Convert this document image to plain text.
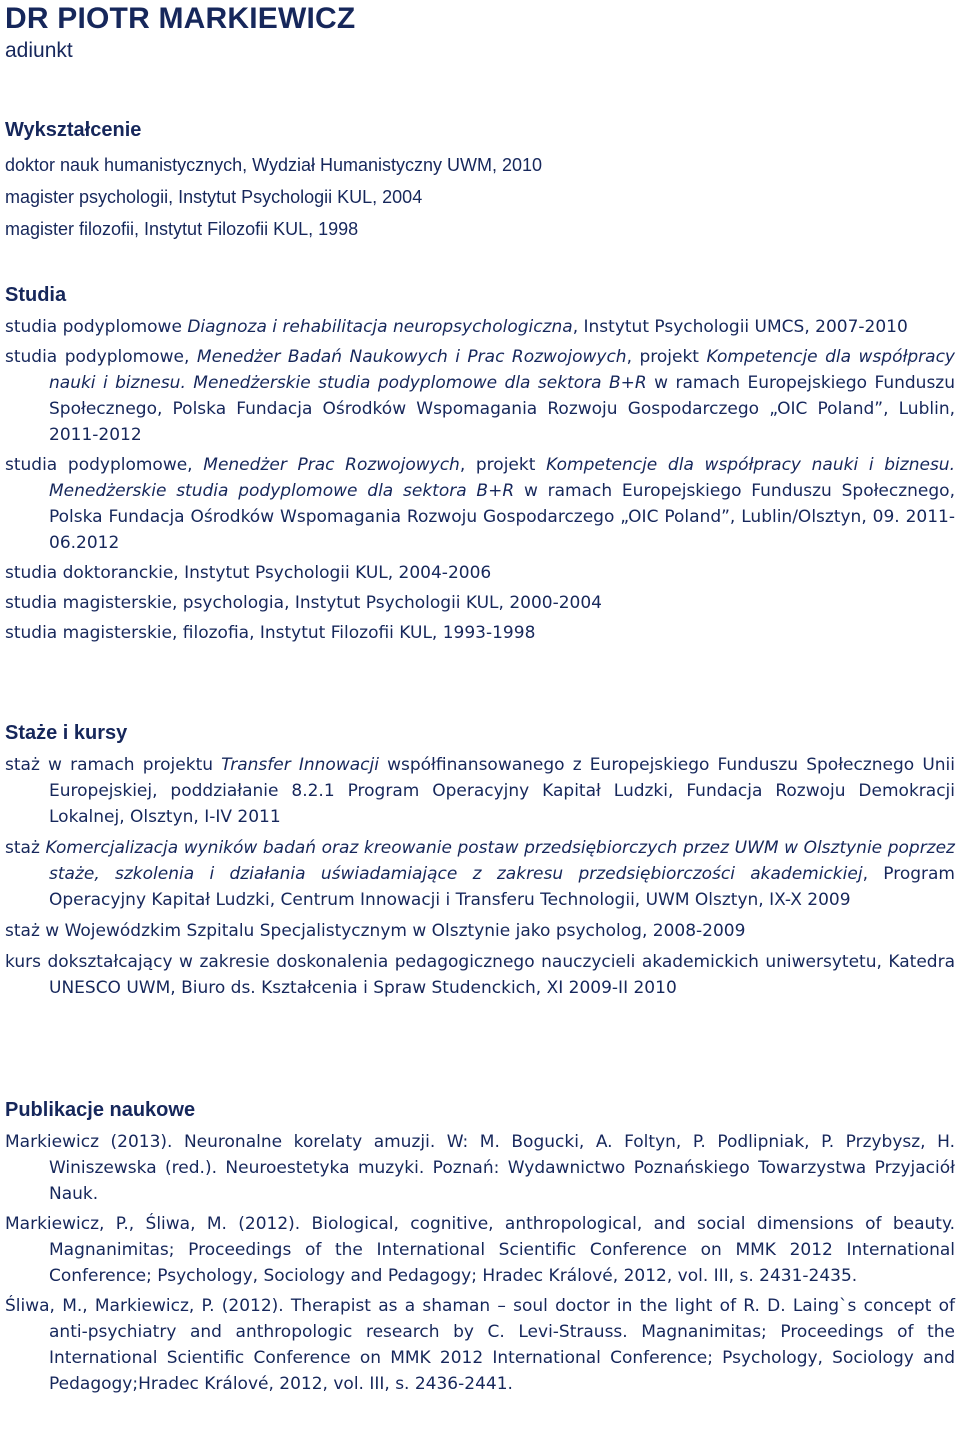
DR PIOTR MARKIEWICZ
adiunkt
Wykształcenie

doktor nauk humanistycznych, Wydział Humanistyczny UWM, 2010

magister psychologii, Instytut Psychologii KUL, 2004

magister filozofii, Instytut Filozofii KUL, 1998

Studia

studia podyplomowe Diagnoza i rehabilitacja neuropsychologiczna, Instytut Psychologii UMCS, 2007-2010

studia podyplomowe, Menedżer Badań Naukowych i Prac Rozwojowych, projekt Kompetencje dla współpracy nauki i biznesu. Menedżerskie studia podyplomowe dla sektora B+R w ramach Europejskiego Funduszu Społecznego, Polska Fundacja Ośrodków Wspomagania Rozwoju Gospodarczego „OIC Poland”, Lublin, 2011-2012

studia podyplomowe, Menedżer Prac Rozwojowych, projekt Kompetencje dla współpracy nauki i biznesu. Menedżerskie studia podyplomowe dla sektora B+R w ramach Europejskiego Funduszu Społecznego, Polska Fundacja Ośrodków Wspomagania Rozwoju Gospodarczego „OIC Poland”, Lublin/Olsztyn, 09. 2011- 06.2012

studia doktoranckie, Instytut Psychologii KUL, 2004-2006

studia magisterskie, psychologia, Instytut Psychologii KUL, 2000-2004

studia magisterskie, filozofia, Instytut Filozofii KUL, 1993-1998

Staże i kursy

staż w ramach projektu Transfer Innowacji współfinansowanego z Europejskiego Funduszu Społecznego Unii Europejskiej, poddziałanie 8.2.1 Program Operacyjny Kapitał Ludzki, Fundacja Rozwoju Demokracji Lokalnej, Olsztyn, I-IV 2011

staż Komercjalizacja wyników badań oraz kreowanie postaw przedsiębiorczych przez UWM w Olsztynie poprzez staże, szkolenia i działania uświadamiające z zakresu przedsiębiorczości akademickiej, Program Operacyjny Kapitał Ludzki, Centrum Innowacji i Transferu Technologii, UWM Olsztyn, IX-X 2009

staż w Wojewódzkim Szpitalu Specjalistycznym w Olsztynie jako psycholog, 2008-2009

kurs dokształcający w zakresie doskonalenia pedagogicznego nauczycieli akademickich uniwersytetu, Katedra UNESCO UWM, Biuro ds. Kształcenia i Spraw Studenckich, XI 2009-II 2010

Publikacje naukowe

Markiewicz (2013). Neuronalne korelaty amuzji. W: M. Bogucki, A. Foltyn, P. Podlipniak, P. Przybysz, H. Winiszewska (red.). Neuroestetyka muzyki. Poznań: Wydawnictwo Poznańskiego Towarzystwa Przyjaciół Nauk.

Markiewicz, P., Śliwa, M. (2012). Biological, cognitive, anthropological, and social dimensions of beauty. Magnanimitas; Proceedings of the International Scientific Conference on MMK 2012 International Conference; Psychology, Sociology and Pedagogy; Hradec Králové, 2012, vol. III, s. 2431-2435.

Śliwa, M., Markiewicz, P. (2012). Therapist as a shaman – soul doctor in the light of R. D. Laing`s concept of anti-psychiatry and anthropologic research by C. Levi-Strauss. Magnanimitas; Proceedings of the International Scientific Conference on MMK 2012 International Conference; Psychology, Sociology and Pedagogy;Hradec Králové, 2012, vol. III, s. 2436-2441.
